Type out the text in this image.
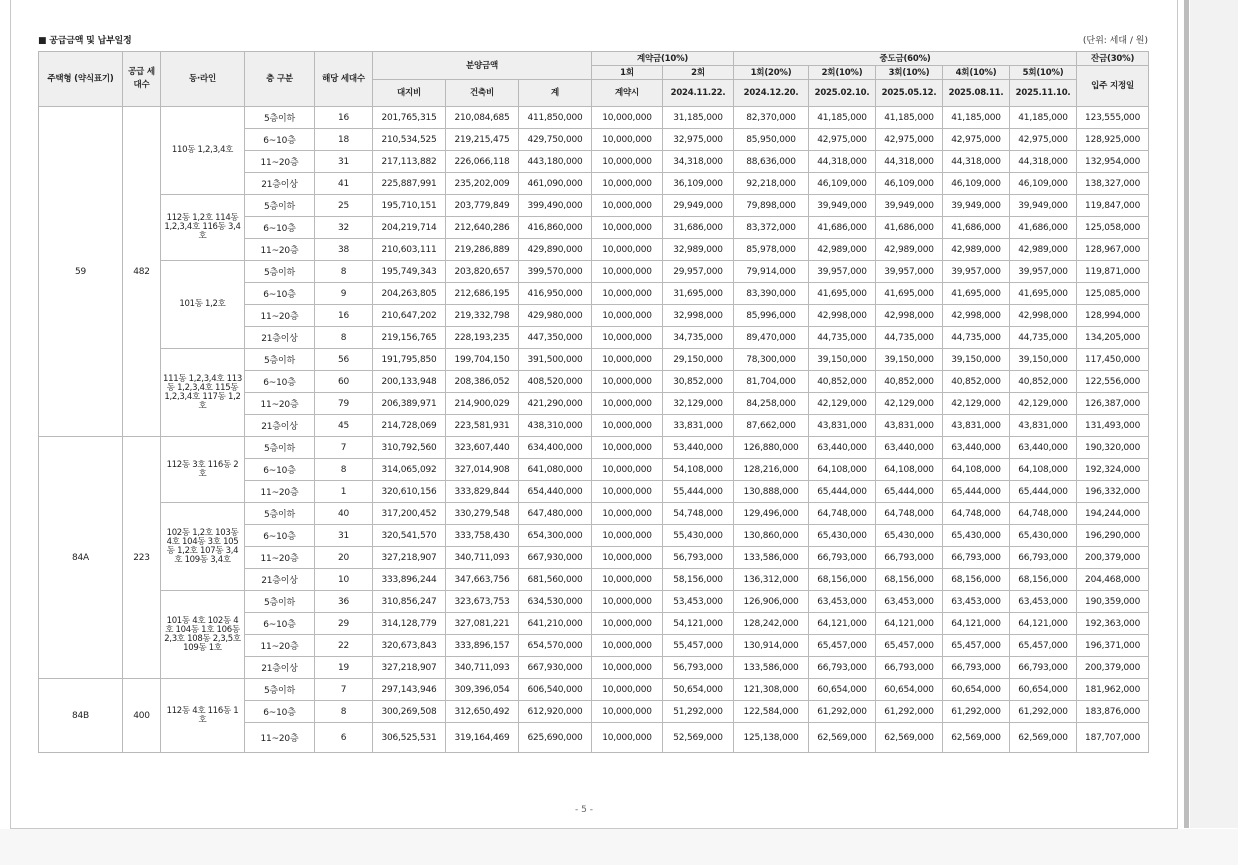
■ 공급금액 및 납부일정	(단위: 세대 / 원)
주택형 (약식표기)	공급 세대수	동·라인	층 구분	해당 세대수	분양금액			계약금(10%)		중도금(60%)					잔금(30%)
								1회	2회	1회(20%)	2회(10%)	3회(10%)	4회(10%)	5회(10%)	입주 지정일
					대지비	건축비	계	계약시	2024.11.22.	2024.12.20.	2025.02.10.	2025.05.12.	2025.08.11.	2025.11.10.	
59	482	110동 1,2,3,4호	5층이하	16	201,765,315	210,084,685	411,850,000	10,000,000	31,185,000	82,370,000	41,185,000	41,185,000	41,185,000	41,185,000	123,555,000
			6~10층	18	210,534,525	219,215,475	429,750,000	10,000,000	32,975,000	85,950,000	42,975,000	42,975,000	42,975,000	42,975,000	128,925,000
			11~20층	31	217,113,882	226,066,118	443,180,000	10,000,000	34,318,000	88,636,000	44,318,000	44,318,000	44,318,000	44,318,000	132,954,000
			21층이상	41	225,887,991	235,202,009	461,090,000	10,000,000	36,109,000	92,218,000	46,109,000	46,109,000	46,109,000	46,109,000	138,327,000
		112동 1,2호 114동 1,2,3,4호 116동 3,4호	5층이하	25	195,710,151	203,779,849	399,490,000	10,000,000	29,949,000	79,898,000	39,949,000	39,949,000	39,949,000	39,949,000	119,847,000
			6~10층	32	204,219,714	212,640,286	416,860,000	10,000,000	31,686,000	83,372,000	41,686,000	41,686,000	41,686,000	41,686,000	125,058,000
			11~20층	38	210,603,111	219,286,889	429,890,000	10,000,000	32,989,000	85,978,000	42,989,000	42,989,000	42,989,000	42,989,000	128,967,000
		101동 1,2호	5층이하	8	195,749,343	203,820,657	399,570,000	10,000,000	29,957,000	79,914,000	39,957,000	39,957,000	39,957,000	39,957,000	119,871,000
			6~10층	9	204,263,805	212,686,195	416,950,000	10,000,000	31,695,000	83,390,000	41,695,000	41,695,000	41,695,000	41,695,000	125,085,000
			11~20층	16	210,647,202	219,332,798	429,980,000	10,000,000	32,998,000	85,996,000	42,998,000	42,998,000	42,998,000	42,998,000	128,994,000
			21층이상	8	219,156,765	228,193,235	447,350,000	10,000,000	34,735,000	89,470,000	44,735,000	44,735,000	44,735,000	44,735,000	134,205,000
		111동 1,2,3,4호 113동 1,2,3,4호 115동 1,2,3,4호 117동 1,2호	5층이하	56	191,795,850	199,704,150	391,500,000	10,000,000	29,150,000	78,300,000	39,150,000	39,150,000	39,150,000	39,150,000	117,450,000
			6~10층	60	200,133,948	208,386,052	408,520,000	10,000,000	30,852,000	81,704,000	40,852,000	40,852,000	40,852,000	40,852,000	122,556,000
			11~20층	79	206,389,971	214,900,029	421,290,000	10,000,000	32,129,000	84,258,000	42,129,000	42,129,000	42,129,000	42,129,000	126,387,000
			21층이상	45	214,728,069	223,581,931	438,310,000	10,000,000	33,831,000	87,662,000	43,831,000	43,831,000	43,831,000	43,831,000	131,493,000
84A	223	112동 3호 116동 2호	5층이하	7	310,792,560	323,607,440	634,400,000	10,000,000	53,440,000	126,880,000	63,440,000	63,440,000	63,440,000	63,440,000	190,320,000
			6~10층	8	314,065,092	327,014,908	641,080,000	10,000,000	54,108,000	128,216,000	64,108,000	64,108,000	64,108,000	64,108,000	192,324,000
			11~20층	1	320,610,156	333,829,844	654,440,000	10,000,000	55,444,000	130,888,000	65,444,000	65,444,000	65,444,000	65,444,000	196,332,000
		102동 1,2호 103동 4호 104동 3호 105동 1,2호 107동 3,4호 109동 3,4호	5층이하	40	317,200,452	330,279,548	647,480,000	10,000,000	54,748,000	129,496,000	64,748,000	64,748,000	64,748,000	64,748,000	194,244,000
			6~10층	31	320,541,570	333,758,430	654,300,000	10,000,000	55,430,000	130,860,000	65,430,000	65,430,000	65,430,000	65,430,000	196,290,000
			11~20층	20	327,218,907	340,711,093	667,930,000	10,000,000	56,793,000	133,586,000	66,793,000	66,793,000	66,793,000	66,793,000	200,379,000
			21층이상	10	333,896,244	347,663,756	681,560,000	10,000,000	58,156,000	136,312,000	68,156,000	68,156,000	68,156,000	68,156,000	204,468,000
		101동 4호 102동 4호 104동 1호 106동 2,3호 108동 2,3,5호 109동 1호	5층이하	36	310,856,247	323,673,753	634,530,000	10,000,000	53,453,000	126,906,000	63,453,000	63,453,000	63,453,000	63,453,000	190,359,000
			6~10층	29	314,128,779	327,081,221	641,210,000	10,000,000	54,121,000	128,242,000	64,121,000	64,121,000	64,121,000	64,121,000	192,363,000
			11~20층	22	320,673,843	333,896,157	654,570,000	10,000,000	55,457,000	130,914,000	65,457,000	65,457,000	65,457,000	65,457,000	196,371,000
			21층이상	19	327,218,907	340,711,093	667,930,000	10,000,000	56,793,000	133,586,000	66,793,000	66,793,000	66,793,000	66,793,000	200,379,000
84B	400	112동 4호 116동 1호	5층이하	7	297,143,946	309,396,054	606,540,000	10,000,000	50,654,000	121,308,000	60,654,000	60,654,000	60,654,000	60,654,000	181,962,000
			6~10층	8	300,269,508	312,650,492	612,920,000	10,000,000	51,292,000	122,584,000	61,292,000	61,292,000	61,292,000	61,292,000	183,876,000
			11~20층	6	306,525,531	319,164,469	625,690,000	10,000,000	52,569,000	125,138,000	62,569,000	62,569,000	62,569,000	62,569,000	187,707,000
- 5 -
